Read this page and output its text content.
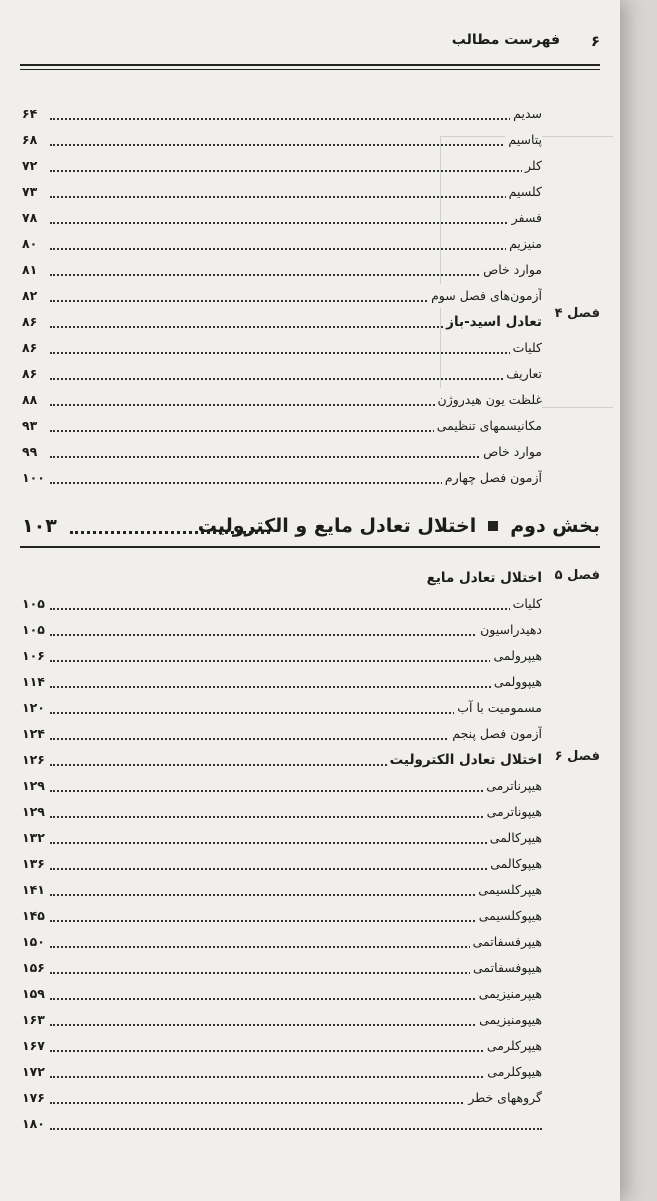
۶
فهرست مطالب
فصل ۴
فصل ۵
فصل ۶
سدیم
۶۴
پتاسیم
۶۸
کلر
۷۲
کلسیم
۷۳
فسفر
۷۸
منیزیم
۸۰
موارد خاص
۸۱
آزمون‌های فصل سوم
۸۲
تعادل اسید-باز
۸۶
کلیات
۸۶
تعاریف
۸۶
غلظت یون هیدروژن
۸۸
مکانیسمهای تنظیمی
۹۳
موارد خاص
۹۹
آزمون فصل چهارم
۱۰۰
بخش دوم
اختلال تعادل مایع و الکترولیت
۱۰۳
اختلال تعادل مایع
کلیات
۱۰۵
دهیدراسیون
۱۰۵
هیپرولمی
۱۰۶
هیپوولمی
۱۱۴
مسمومیت با آب
۱۲۰
آزمون فصل پنجم
۱۲۴
اختلال تعادل الکترولیت
۱۲۶
هیپرناترمی
۱۲۹
هیپوناترمی
۱۲۹
هیپرکالمی
۱۳۲
هیپوکالمی
۱۳۶
هیپرکلسیمی
۱۴۱
هیپوکلسیمی
۱۴۵
هیپرفسفاتمی
۱۵۰
هیپوفسفاتمی
۱۵۶
هیپرمنیزیمی
۱۵۹
هیپومنیزیمی
۱۶۳
هیپرکلرمی
۱۶۷
هیپوکلرمی
۱۷۲
گروههای خطر
۱۷۶
۱۸۰
